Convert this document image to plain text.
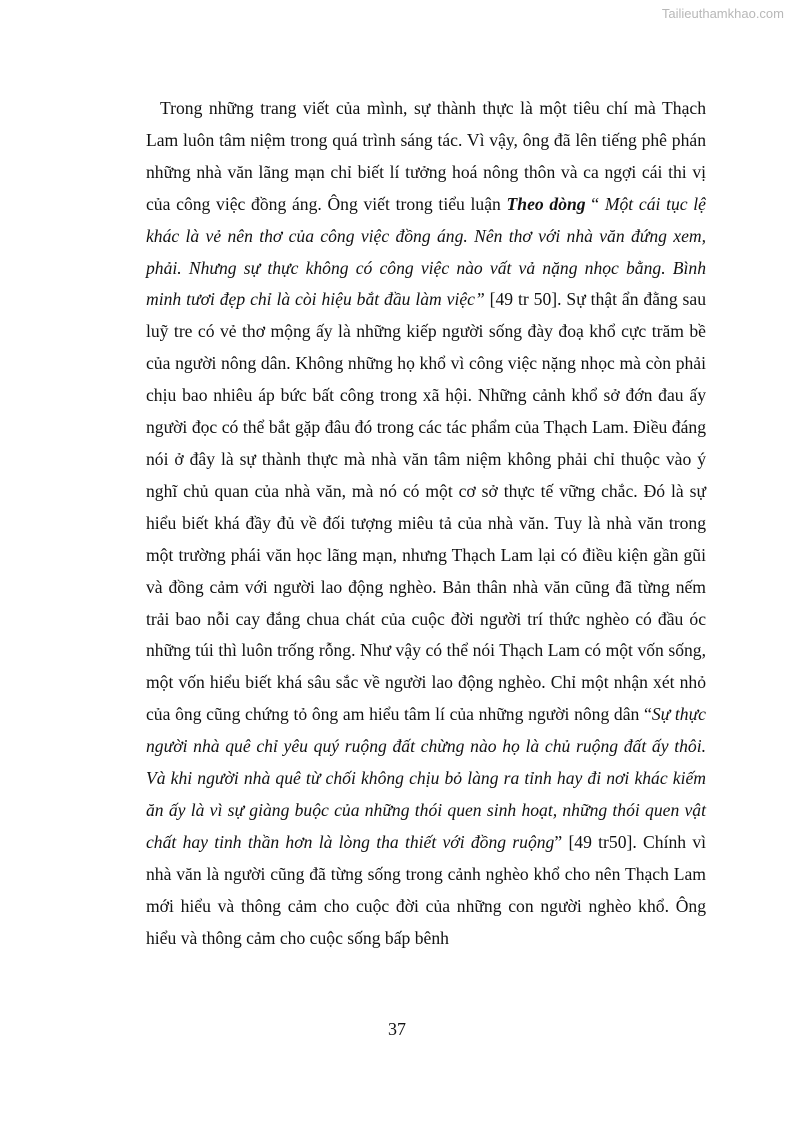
Tailieuthamkhao.com

Trong những trang viết của mình, sự thành thực là một tiêu chí mà Thạch Lam luôn tâm niệm trong quá trình sáng tác. Vì vậy, ông đã lên tiếng phê phán những nhà văn lãng mạn chỉ biết lí tưởng hoá nông thôn và ca ngợi cái thi vị của công việc đồng áng. Ông viết trong tiểu luận Theo dòng “ Một cái tục lệ khác là vẻ nên thơ của công việc đồng áng. Nên thơ với nhà văn đứng xem, phải. Nhưng sự thực không có công việc nào vất vả nặng nhọc bằng. Bình minh tươi đẹp chỉ là còi hiệu bắt đầu làm việc” [49 tr 50]. Sự thật ẩn đằng sau luỹ tre có vẻ thơ mộng ấy là những kiếp người sống đày đoạ khổ cực trăm bề của người nông dân. Không những họ khổ vì công việc nặng nhọc mà còn phải chịu bao nhiêu áp bức bất công trong xã hội. Những cảnh khổ sở đớn đau ấy người đọc có thể bắt gặp đâu đó trong các tác phẩm của Thạch Lam. Điều đáng nói ở đây là sự thành thực mà nhà văn tâm niệm không phải chỉ thuộc vào ý nghĩ chủ quan của nhà văn, mà nó có một cơ sở thực tế vững chắc. Đó là sự hiểu biết khá đầy đủ về đối tượng miêu tả của nhà văn. Tuy là nhà văn trong một trường phái văn học lãng mạn, nhưng Thạch Lam lại có điều kiện gần gũi và đồng cảm với người lao động nghèo. Bản thân nhà văn cũng đã từng nếm trải bao nỗi cay đắng chua chát của cuộc đời người trí thức nghèo có đầu óc những túi thì luôn trống rỗng. Như vậy có thể nói Thạch Lam có một vốn sống, một vốn hiểu biết khá sâu sắc về người lao động nghèo. Chỉ một nhận xét nhỏ của ông cũng chứng tỏ ông am hiểu tâm lí của những người nông dân “Sự thực người nhà quê chỉ yêu quý ruộng đất chừng nào họ là chủ ruộng đất ấy thôi. Và khi người nhà quê từ chối không chịu bỏ làng ra tỉnh hay đi nơi khác kiếm ăn ấy là vì sự giàng buộc của những thói quen sinh hoạt, những thói quen vật chất hay tinh thần hơn là lòng tha thiết với đồng ruộng” [49 tr50]. Chính vì nhà văn là người cũng đã từng sống trong cảnh nghèo khổ cho nên Thạch Lam mới hiểu và thông cảm cho cuộc đời của những con người nghèo khổ. Ông hiểu và thông cảm cho cuộc sống bấp bênh

37
